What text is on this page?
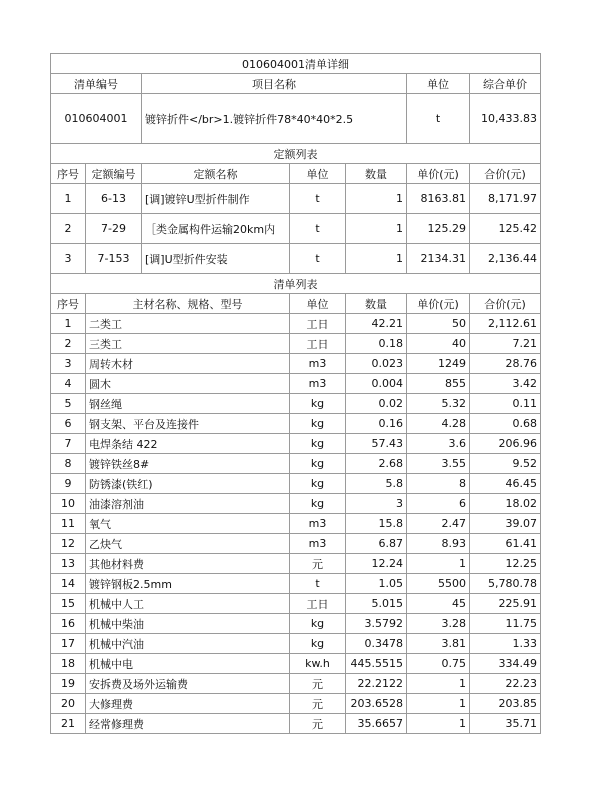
010604001清单详细						
清单编号		项目名称			单位	综合单价
010604001		镀锌折件</br>1.镀锌折件78*40*40*2.5			t	10,433.83
定额列表						
序号	定额编号	定额名称	单位	数量	单价(元)	合价(元)
1	6-13	[调]镀锌U型折件制作	t	1	8163.81	8,171.97
2	7-29	［类金属构件运输20km内	t	1	125.29	125.42
3	7-153	[调]U型折件安装	t	1	2134.31	2,136.44
清单列表						
序号	主材名称、规格、型号		单位	数量	单价(元)	合价(元)
1	二类工		工日	42.21	50	2,112.61
2	三类工		工日	0.18	40	7.21
3	周转木材		m3	0.023	1249	28.76
4	圆木		m3	0.004	855	3.42
5	钢丝绳		kg	0.02	5.32	0.11
6	钢支架、平台及连接件		kg	0.16	4.28	0.68
7	电焊条结 422		kg	57.43	3.6	206.96
8	镀锌铁丝8#		kg	2.68	3.55	9.52
9	防锈漆(铁红)		kg	5.8	8	46.45
10	油漆溶剂油		kg	3	6	18.02
11	氧气		m3	15.8	2.47	39.07
12	乙炔气		m3	6.87	8.93	61.41
13	其他材料费		元	12.24	1	12.25
14	镀锌钢板2.5mm		t	1.05	5500	5,780.78
15	机械中人工		工日	5.015	45	225.91
16	机械中柴油		kg	3.5792	3.28	11.75
17	机械中汽油		kg	0.3478	3.81	1.33
18	机械中电		kw.h	445.5515	0.75	334.49
19	安拆费及场外运输费		元	22.2122	1	22.23
20	大修理费		元	203.6528	1	203.85
21	经常修理费		元	35.6657	1	35.71
